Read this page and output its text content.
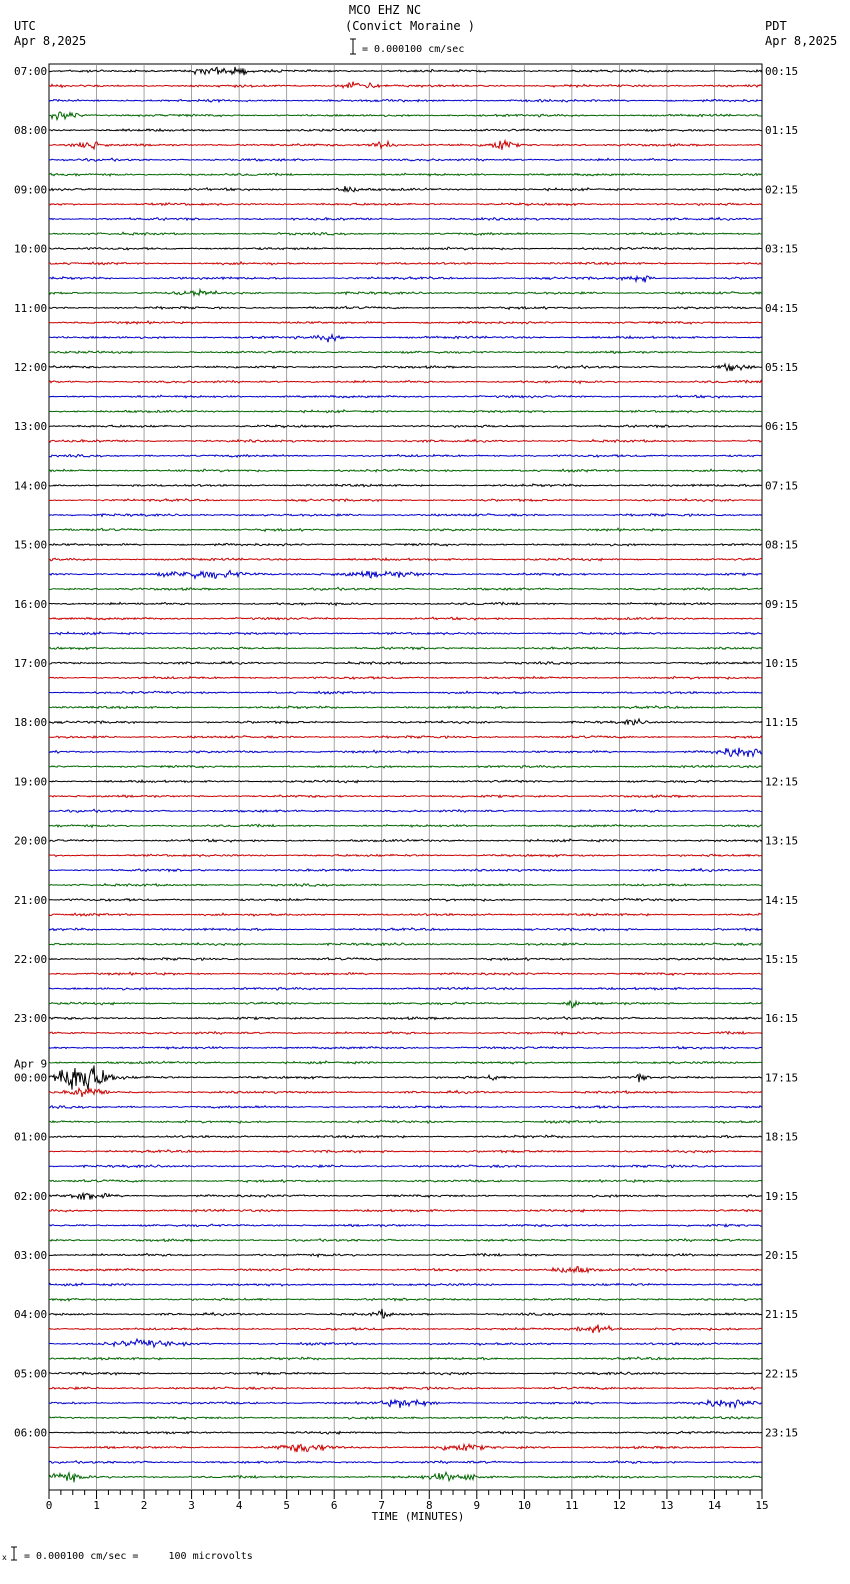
MCO EHZ NC
(Convict Moraine )
= 0.000100 cm/sec
UTC
Apr 8,2025
PDT
Apr 8,2025
07:00
08:00
09:00
10:00
11:00
12:00
13:00
14:00
15:00
16:00
17:00
18:00
19:00
20:00
21:00
22:00
23:00
00:00
01:00
02:00
03:00
04:00
05:00
06:00
Apr 9
00:15
01:15
02:15
03:15
04:15
05:15
06:15
07:15
08:15
09:15
10:15
11:15
12:15
13:15
14:15
15:15
16:15
17:15
18:15
19:15
20:15
21:15
22:15
23:15
0	1	2	3	4	5	6	7	8	9	10	11	12	13	14	15
TIME (MINUTES)
x = 0.000100 cm/sec =     100 microvolts
